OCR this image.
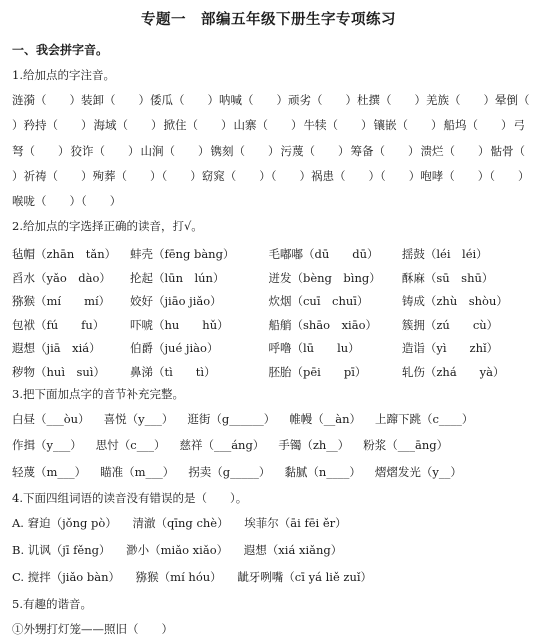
专题一　部编五年级下册生字专项练习
一、我会拼字音。
1.给加点的字注音。
涟漪（　　） 装卸（　　） 倭瓜（　　） 呐喊（　　） 顽劣（　　） 杜撰（　　） 羌族（　　） 晕倒（
）矜持（　　） 海域（　　） 掀住（　　） 山寨（　　） 牛犊（　　） 镶嵌（　　） 船坞（　　） 弓
弩（　　） 狡诈（　　） 山涧（　　） 镌刻（　　） 污蔑（　　） 筹备（　　） 溃烂（　　） 骷骨（
）祈祷（　　） 殉葬（　　）（　　） 窈窕（　　）（　　） 祸患（　　）（　　） 咆哮（　　）（　　）
喉咙（　　）（　　）
2.给加点的字选择正确的读音，打√。
毡帽（zhān　tǎn）	蚌壳（fēng bàng）	毛嘟嘟（dū　　dū）	揺鼓（léi　léi）
舀水（yǎo　dào）	抡起（lūn　lún）	迸发（bèng　bìng）	酥麻（sū　shū）
猕猴（mí　　mí）	姣好（jiāo jiǎo）	炊烟（cuī　chuī）	铸成（zhù　shòu）
包袱（fú　　fu）	吓唬（hu　　hǔ）	船艄（shāo　xiāo）	簇拥（zú　　cù）
遐想（jiā　xiá）	伯爵（jué jiào）	呼噜（lū　　lu）	造诣（yì　　zhǐ）
秽物（huì　suì）	鼻涕（tì　　tì）	胚胎（pēi　　pī）	轧伤（zhá　　yà）
3.把下面加点字的音节补充完整。
白昼（___òu） 喜悦（y___） 逛街（g______） 帷幔（__àn） 上蹿下跳（c____）
作揖（y___） 思忖（c___） 慈祥（___áng） 手镯（zh__） 粉浆（___āng）
轻蔑（m___） 瞄准（m___） 拐卖（g_____） 黏腻（n____） 熠熠发光（y__）
4.下面四组词语的读音没有错误的是（　　）。
A. 窘迫（jǒng pò） 清澈（qīng chè） 埃菲尔（āi fēi ěr）
B. 讥讽（jī fěng） 渺小（miǎo xiǎo） 遐想（xiá xiǎng）
C. 搅拌（jiǎo bàn） 猕猴（mí hóu） 龇牙咧嘴（cī yá liě zuǐ）
5.有趣的谐音。
①外甥打灯笼——照旧（　　）
